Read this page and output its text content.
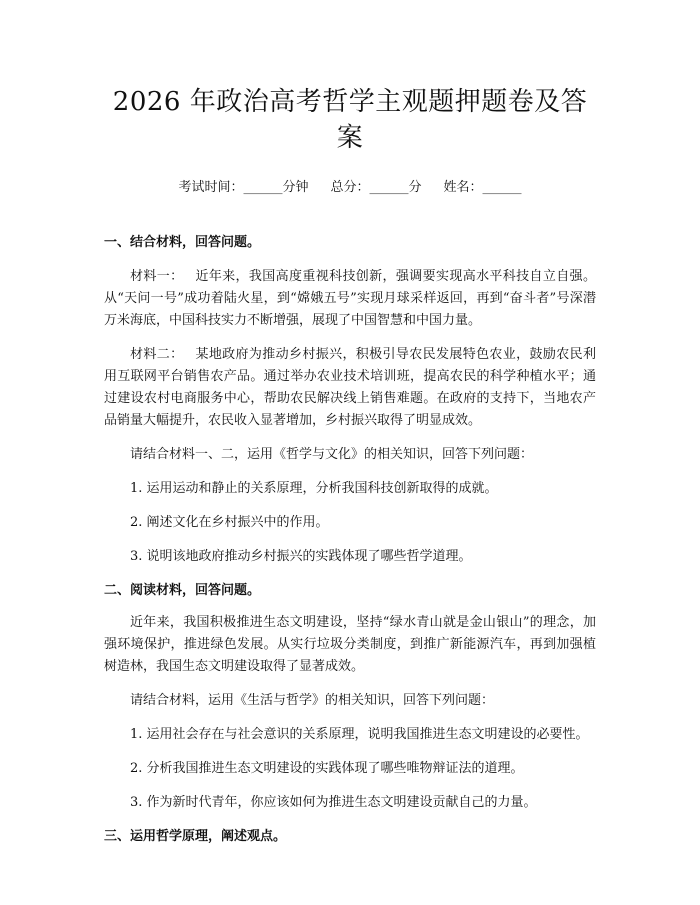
2026 年政治高考哲学主观题押题卷及答案
考试时间：______分钟 总分：______分 姓名：______

一、结合材料，回答问题。

材料一： 近年来，我国高度重视科技创新，强调要实现高水平科技自立自强。从“天问一号”成功着陆火星，到“嫦娥五号”实现月球采样返回，再到“奋斗者”号深潜万米海底，中国科技实力不断增强，展现了中国智慧和中国力量。

材料二： 某地政府为推动乡村振兴，积极引导农民发展特色农业，鼓励农民利用互联网平台销售农产品。通过举办农业技术培训班，提高农民的科学种植水平；通过建设农村电商服务中心，帮助农民解决线上销售难题。在政府的支持下，当地农产品销量大幅提升，农民收入显著增加，乡村振兴取得了明显成效。

请结合材料一、二，运用《哲学与文化》的相关知识，回答下列问题：

1. 运用运动和静止的关系原理，分析我国科技创新取得的成就。

2. 阐述文化在乡村振兴中的作用。

3. 说明该地政府推动乡村振兴的实践体现了哪些哲学道理。

二、阅读材料，回答问题。

近年来，我国积极推进生态文明建设，坚持“绿水青山就是金山银山”的理念，加强环境保护，推进绿色发展。从实行垃圾分类制度，到推广新能源汽车，再到加强植树造林，我国生态文明建设取得了显著成效。

请结合材料，运用《生活与哲学》的相关知识，回答下列问题：

1. 运用社会存在与社会意识的关系原理，说明我国推进生态文明建设的必要性。

2. 分析我国推进生态文明建设的实践体现了哪些唯物辩证法的道理。

3. 作为新时代青年，你应该如何为推进生态文明建设贡献自己的力量。

三、运用哲学原理，阐述观点。
